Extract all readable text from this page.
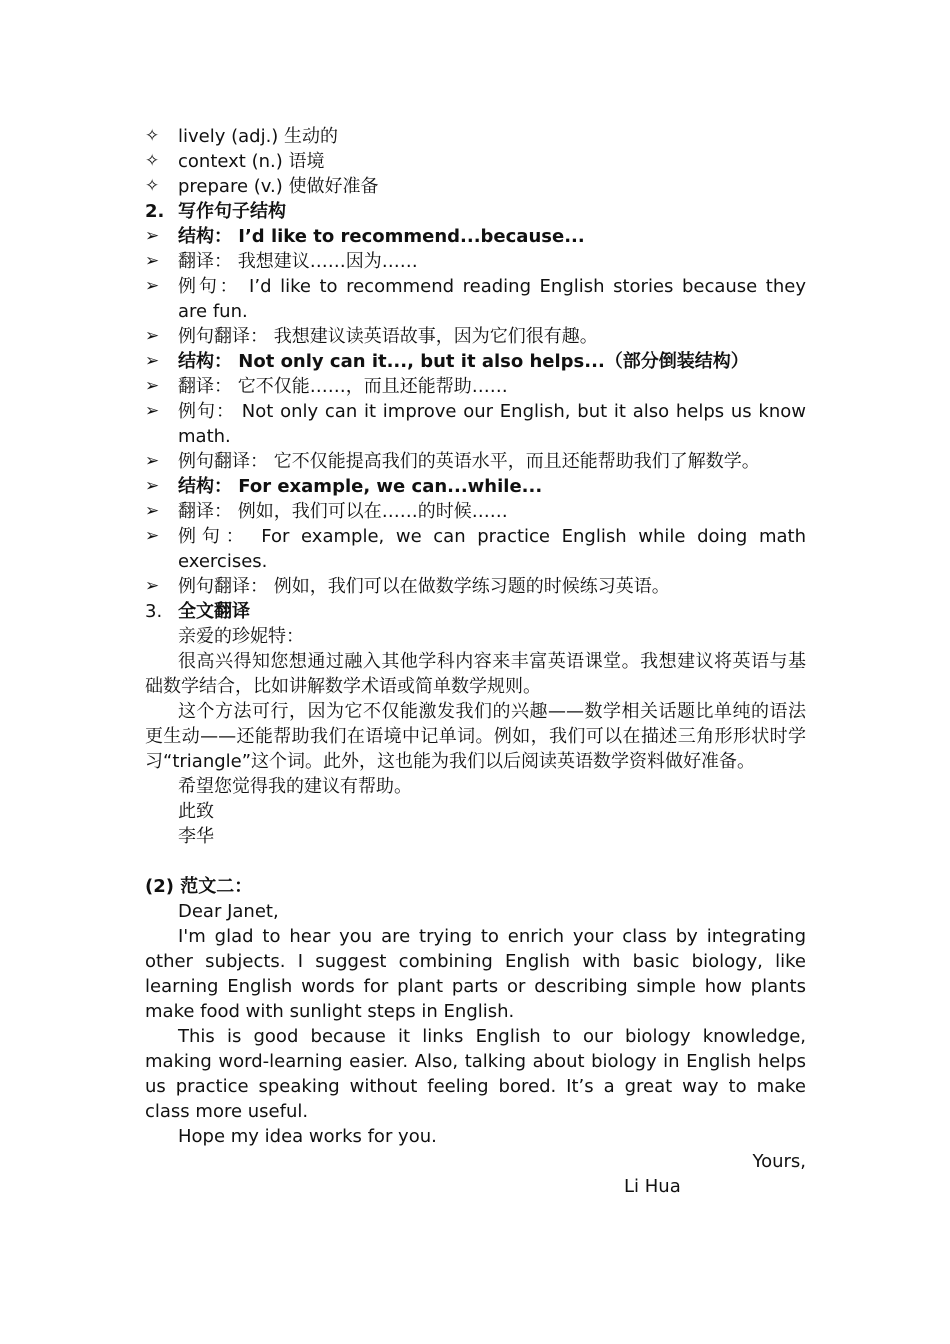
✧	lively (adj.) 生动的
✧	context (n.) 语境
✧	prepare (v.) 使做好准备
2. 写作句子结构
➢	结构： I’d like to recommend...because...
➢	翻译： 我想建议……因为……
➢	例句： I’d like to recommend reading English stories because they are fun.
➢	例句翻译： 我想建议读英语故事，因为它们很有趣。
➢	结构： Not only can it..., but it also helps...（部分倒装结构）
➢	翻译： 它不仅能……，而且还能帮助……
➢	例句： Not only can it improve our English, but it also helps us know math.
➢	例句翻译： 它不仅能提高我们的英语水平，而且还能帮助我们了解数学。
➢	结构： For example, we can...while...
➢	翻译： 例如，我们可以在……的时候……
➢	例句： For example, we can practice English while doing math exercises.
➢	例句翻译： 例如，我们可以在做数学练习题的时候练习英语。
3. 全文翻译
亲爱的珍妮特：
很高兴得知您想通过融入其他学科内容来丰富英语课堂。我想建议将英语与基础数学结合，比如讲解数学术语或简单数学规则。
这个方法可行，因为它不仅能激发我们的兴趣——数学相关话题比单纯的语法更生动——还能帮助我们在语境中记单词。例如，我们可以在描述三角形形状时学习“triangle”这个词。此外，这也能为我们以后阅读英语数学资料做好准备。
希望您觉得我的建议有帮助。
此致
李华
(2) 范文二：
Dear Janet,
I'm glad to hear you are trying to enrich your class by integrating other subjects. I suggest combining English with basic biology, like learning English words for plant parts or describing simple how plants make food with sunlight steps in English.
This is good because it links English to our biology knowledge, making word-learning easier. Also, talking about biology in English helps us practice speaking without feeling bored. It’s a great way to make class more useful.
Hope my idea works for you.
Yours,
Li Hua
